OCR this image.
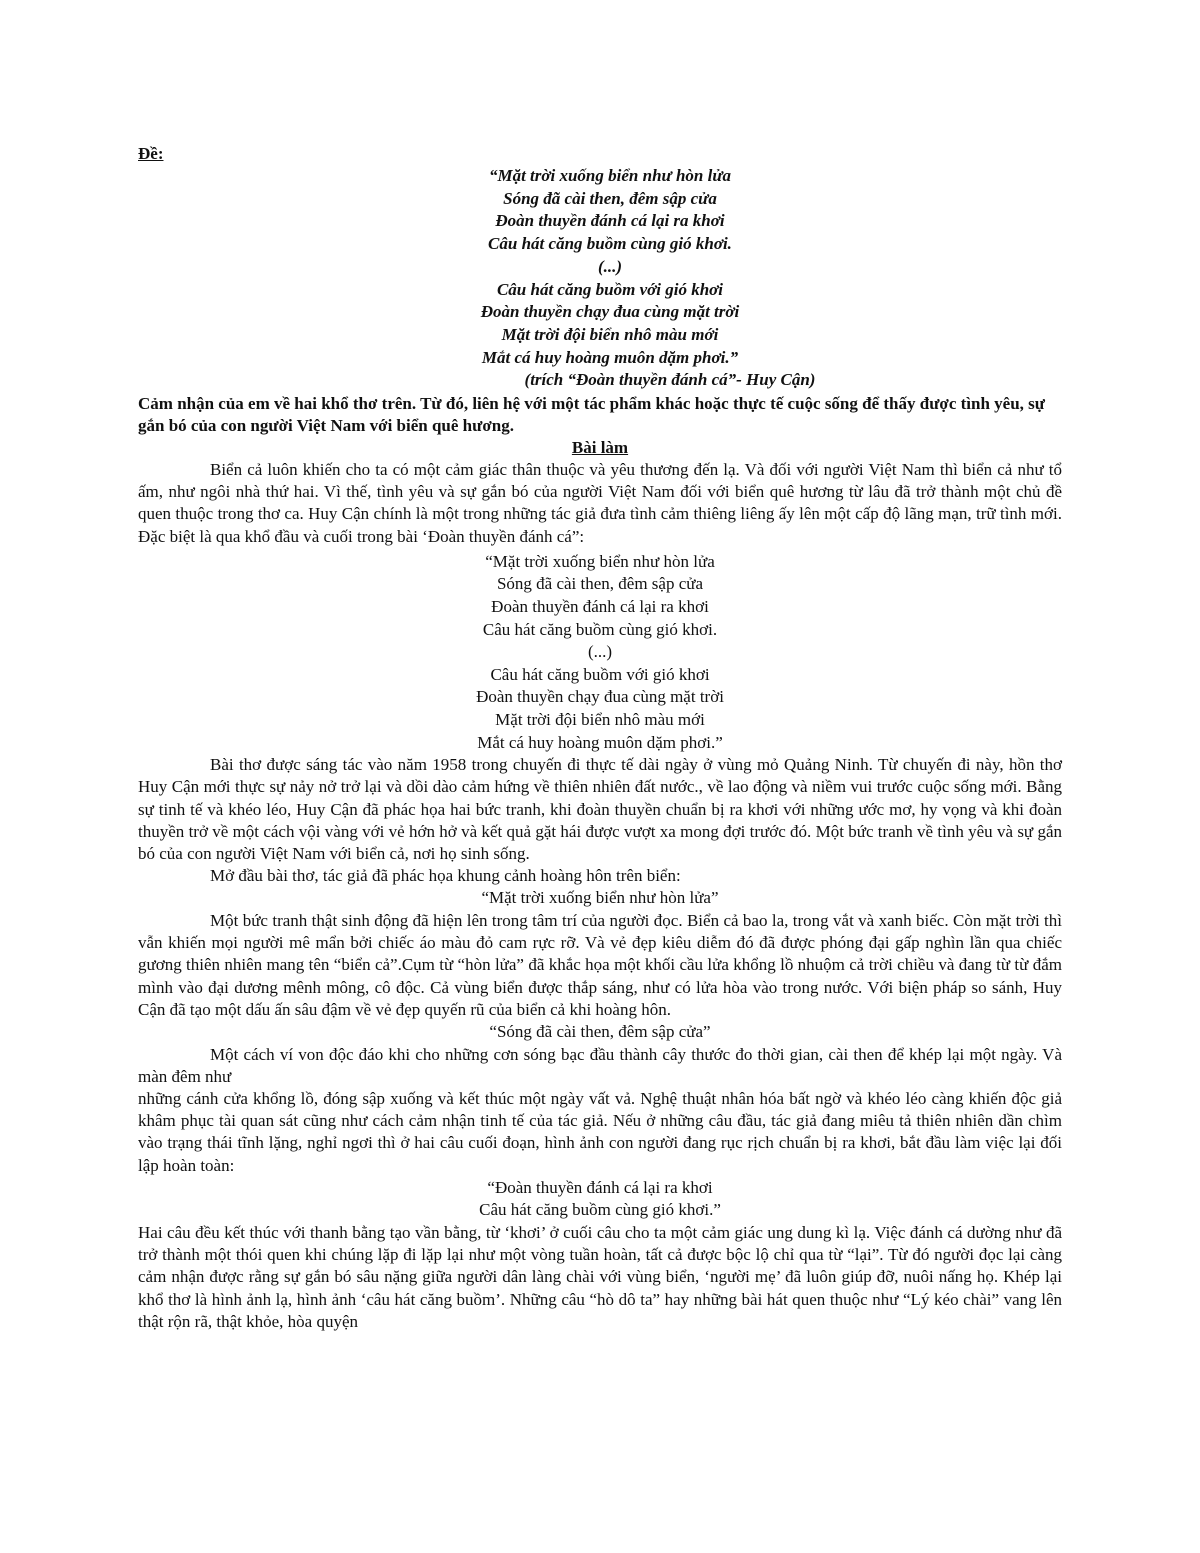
Đề:
“Mặt trời xuống biển như hòn lửa
Sóng đã cài then, đêm sập cửa
Đoàn thuyền đánh cá lại ra khơi
Câu hát căng buồm cùng gió khơi.
(...)
Câu hát căng buồm với gió khơi
Đoàn thuyền chạy đua cùng mặt trời
Mặt trời đội biển nhô màu mới
Mắt cá huy hoàng muôn dặm phơi.”
(trích “Đoàn thuyền đánh cá”- Huy Cận)
Cảm nhận của em về hai khổ thơ trên. Từ đó, liên hệ với một tác phẩm khác hoặc thực tế cuộc sống để thấy được tình yêu, sự gắn bó của con người Việt Nam với biển quê hương.
Bài làm

Biển cả luôn khiến cho ta có một cảm giác thân thuộc và yêu thương đến lạ. Và đối với người Việt Nam thì biển cả như tổ ấm, như ngôi nhà thứ hai. Vì thế, tình yêu và sự gắn bó của người Việt Nam đối với biển quê hương từ lâu đã trở thành một chủ đề quen thuộc trong thơ ca. Huy Cận chính là một trong những tác giả đưa tình cảm thiêng liêng ấy lên một cấp độ lãng mạn, trữ tình mới. Đặc biệt là qua khổ đầu và cuối trong bài ‘Đoàn thuyền đánh cá”:

“Mặt trời xuống biển như hòn lửa
Sóng đã cài then, đêm sập cửa
Đoàn thuyền đánh cá lại ra khơi
Câu hát căng buồm cùng gió khơi.
(...)
Câu hát căng buồm với gió khơi
Đoàn thuyền chạy đua cùng mặt trời
Mặt trời đội biển nhô màu mới
Mắt cá huy hoàng muôn dặm phơi.”

Bài thơ được sáng tác vào năm 1958 trong chuyến đi thực tế dài ngày ở vùng mỏ Quảng Ninh. Từ chuyến đi này, hồn thơ Huy Cận mới thực sự nảy nở trở lại và dồi dào cảm hứng về thiên nhiên đất nước., về lao động và niềm vui trước cuộc sống mới. Bằng sự tinh tế và khéo léo, Huy Cận đã phác họa hai bức tranh, khi đoàn thuyền chuẩn bị ra khơi với những ước mơ, hy vọng và khi đoàn thuyền trở về một cách vội vàng với vẻ hớn hở và kết quả gặt hái được vượt xa mong đợi trước đó. Một bức tranh về tình yêu và sự gắn bó của con người Việt Nam với biển cả, nơi họ sinh sống.

Mở đầu bài thơ, tác giả đã phác họa khung cảnh hoàng hôn trên biển:

“Mặt trời xuống biển như hòn lửa”

Một bức tranh thật sinh động đã hiện lên trong tâm trí của người đọc. Biển cả bao la, trong vắt và xanh biếc. Còn mặt trời thì vẫn khiến mọi người mê mẩn bởi chiếc áo màu đỏ cam rực rỡ. Và vẻ đẹp kiêu diễm đó đã được phóng đại gấp nghìn lần qua chiếc gương thiên nhiên mang tên “biển cả”.Cụm từ “hòn lửa” đã khắc họa một khối cầu lửa khổng lồ nhuộm cả trời chiều và đang từ từ đắm mình vào đại dương mênh mông, cô độc. Cả vùng biển được thắp sáng, như có lửa hòa vào trong nước. Với biện pháp so sánh, Huy Cận đã tạo một dấu ấn sâu đậm về vẻ đẹp quyến rũ của biển cả khi hoàng hôn.

“Sóng đã cài then, đêm sập cửa”

Một cách ví von độc đáo khi cho những cơn sóng bạc đầu thành cây thước đo thời gian, cài then để khép lại một ngày. Và màn đêm như

những cánh cửa khổng lồ, đóng sập xuống và kết thúc một ngày vất vả. Nghệ thuật nhân hóa bất ngờ và khéo léo càng khiến độc giả khâm phục tài quan sát cũng như cách cảm nhận tinh tế của tác giả. Nếu ở những câu đầu, tác giả đang miêu tả thiên nhiên dần chìm vào trạng thái tĩnh lặng, nghỉ ngơi thì ở hai câu cuối đoạn, hình ảnh con người đang rục rịch chuẩn bị ra khơi, bắt đầu làm việc lại đối lập hoàn toàn:

“Đoàn thuyền đánh cá lại ra khơi
Câu hát căng buồm cùng gió khơi.”

Hai câu đều kết thúc với thanh bằng tạo vần bằng, từ ‘khơi’ ở cuối câu cho ta một cảm giác ung dung kì lạ. Việc đánh cá dường như đã trở thành một thói quen khi chúng lặp đi lặp lại như một vòng tuần hoàn, tất cả được bộc lộ chỉ qua từ “lại”. Từ đó người đọc lại càng cảm nhận được rằng sự gắn bó sâu nặng giữa người dân làng chài với vùng biển, ‘người mẹ’ đã luôn giúp đỡ, nuôi nấng họ. Khép lại khổ thơ là hình ảnh lạ, hình ảnh ‘câu hát căng buồm’. Những câu “hò dô ta” hay những bài hát quen thuộc như “Lý kéo chài” vang lên thật rộn rã, thật khỏe, hòa quyện
